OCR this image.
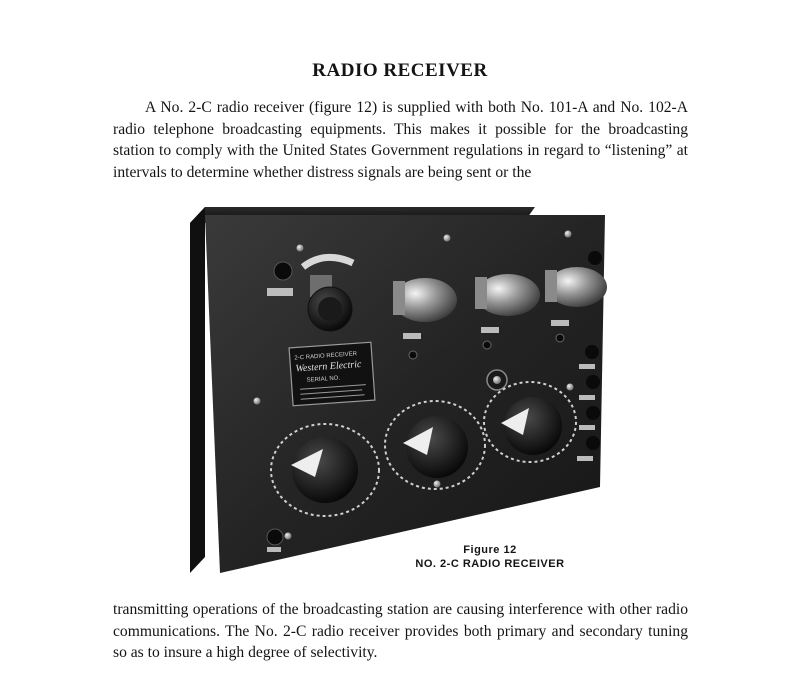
RADIO RECEIVER

A No. 2-C radio receiver (figure 12) is supplied with both No. 101-A and No. 102-A radio telephone broadcasting equipments. This makes it possible for the broadcasting station to comply with the United States Government regulations in regard to “listening” at intervals to determine whether distress signals are being sent or the

2-C RADIO RECEIVER
Western Electric
SERIAL NO.
Figure 12
NO. 2-C RADIO RECEIVER

transmitting operations of the broadcasting station are causing interference with other radio communications. The No. 2-C radio receiver provides both primary and secondary tuning so as to insure a high degree of selectivity.
